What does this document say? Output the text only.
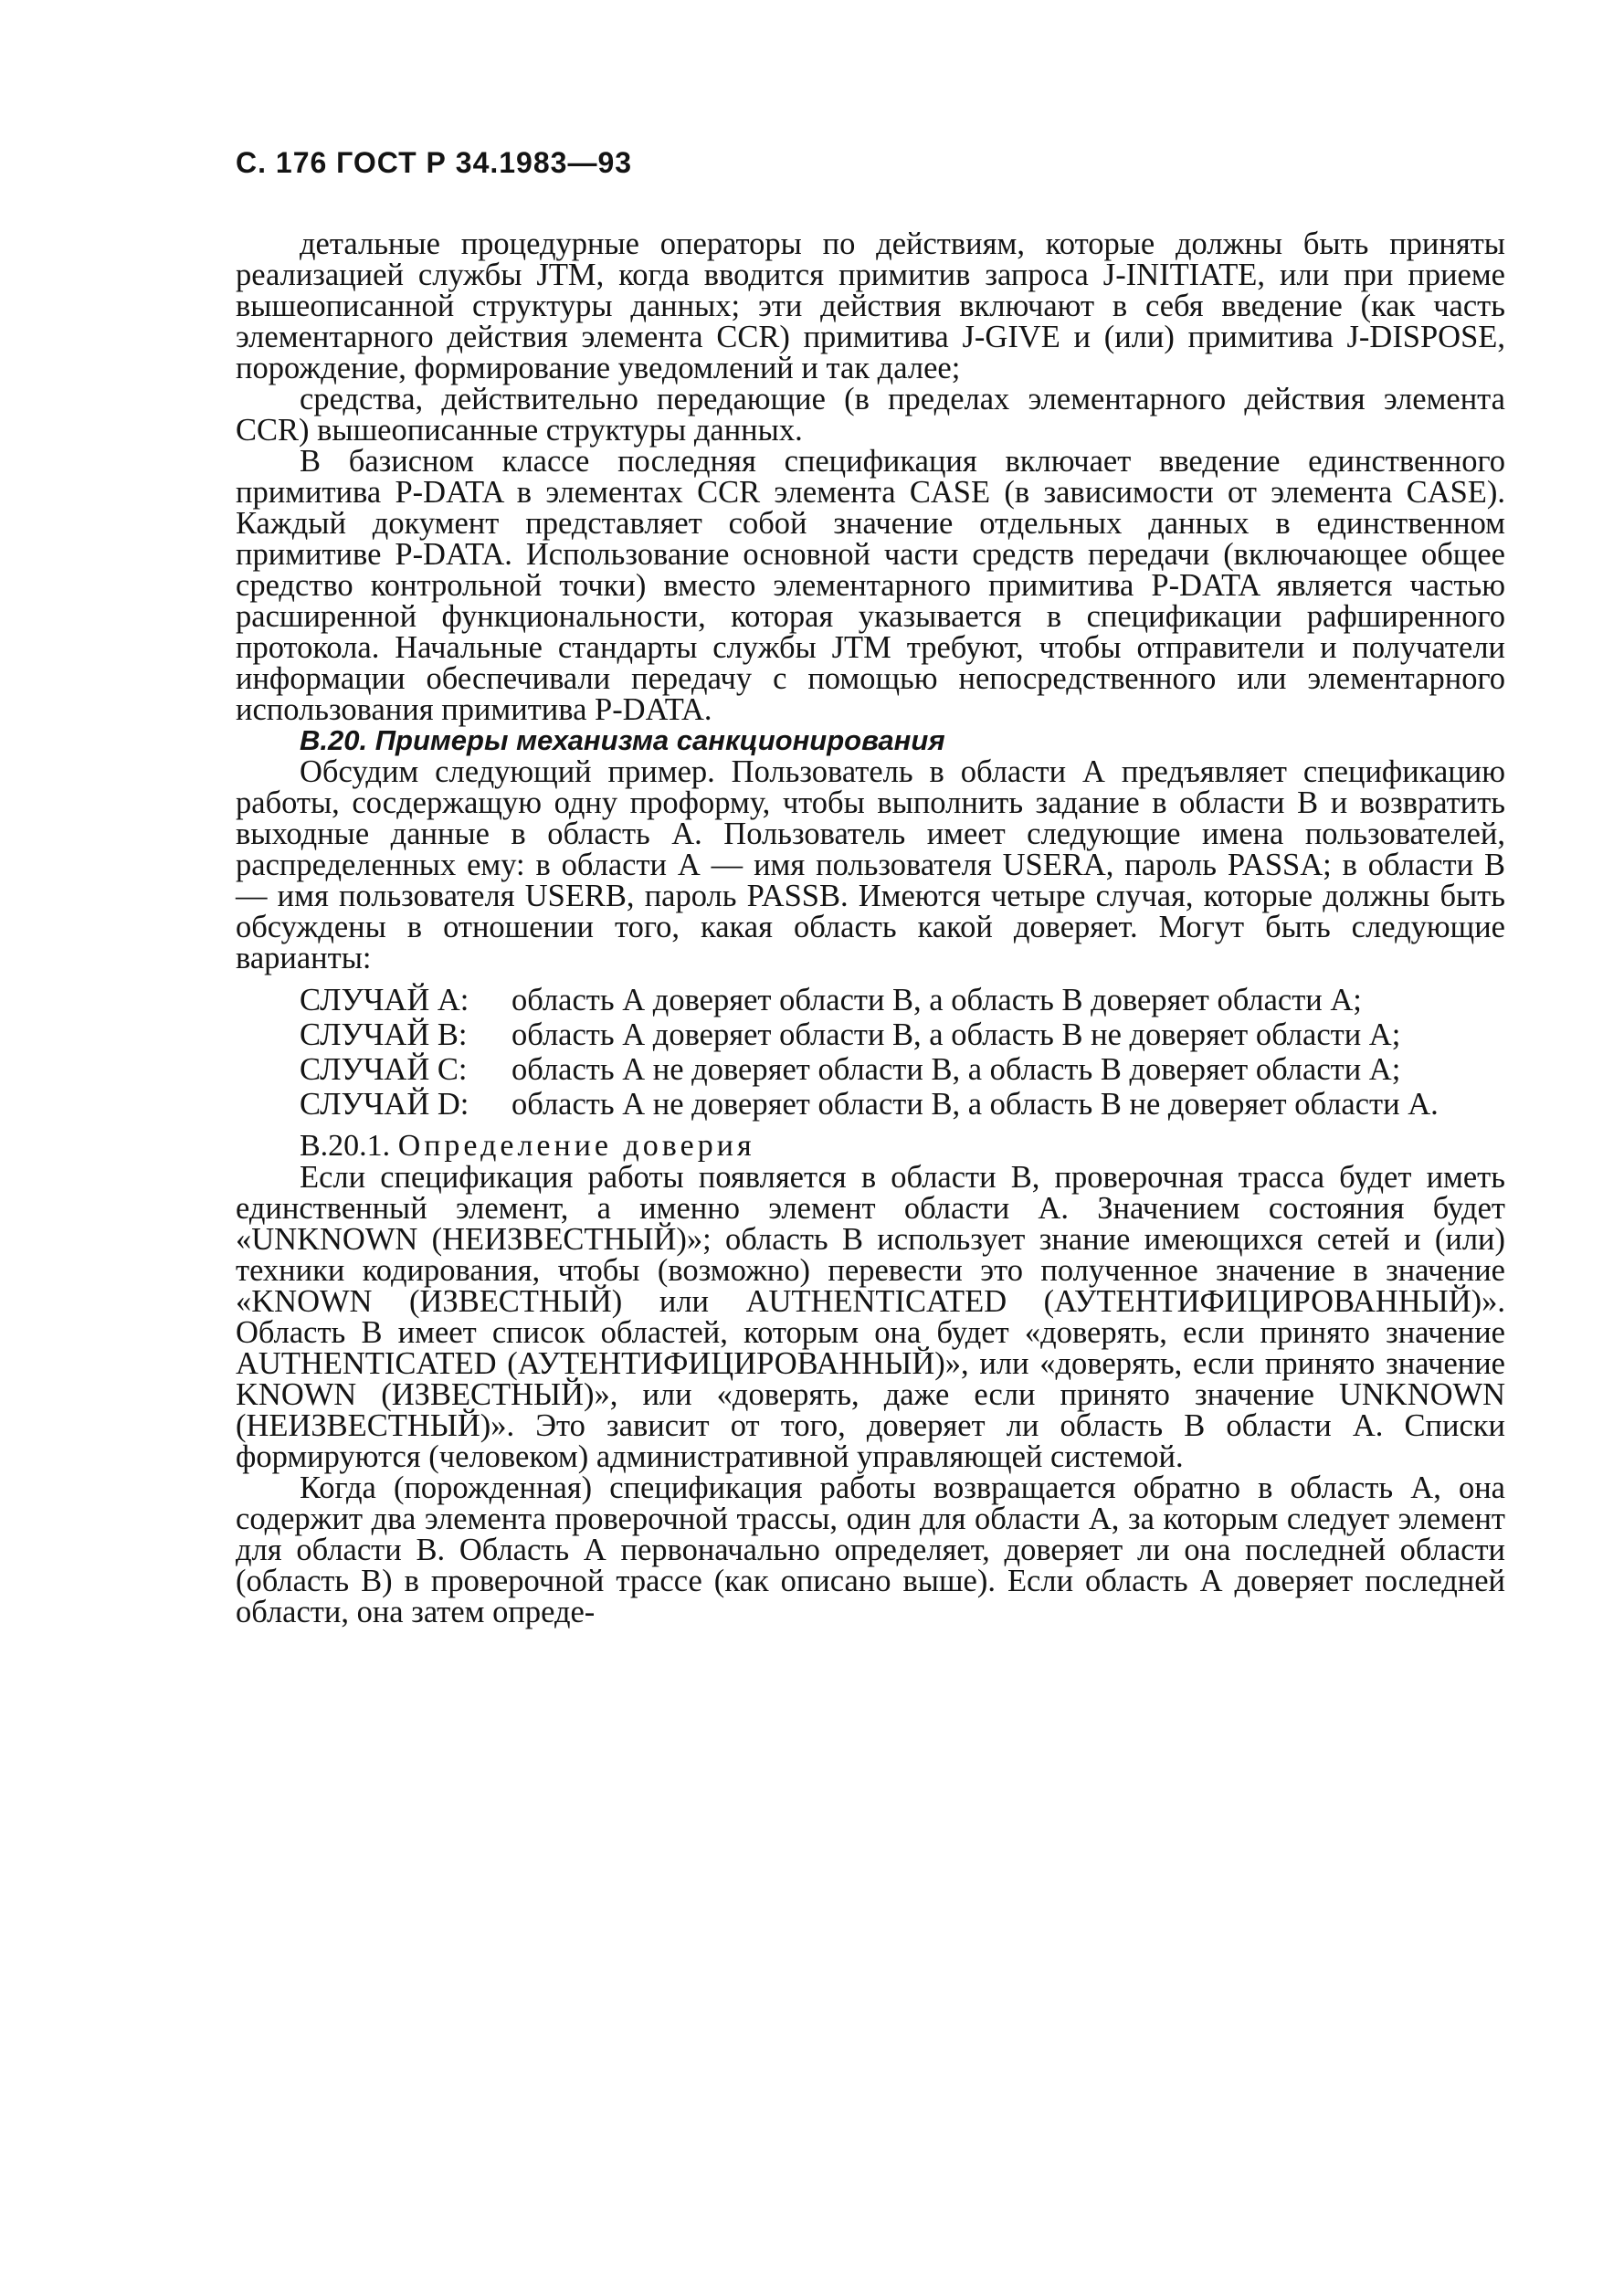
С. 176 ГОСТ Р 34.1983—93

детальные процедурные операторы по действиям, которые должны быть приняты реализацией службы JTM, когда вводится примитив запроса J-INITIATE, или при приеме вышеописанной структуры данных; эти действия включают в себя введение (как часть элементарного действия элемента CCR) примитива J-GIVE и (или) примитива J-DISPOSE, порождение, формирование уведомлений и так далее;

средства, действительно передающие (в пределах элементарного действия элемента CCR) вышеописанные структуры данных.

В базисном классе последняя спецификация включает введение единственного примитива P-DATA в элементах CCR элемента CASE (в зависимости от элемента CASE). Каждый документ представляет собой значение отдельных данных в единственном примитиве P-DATA. Использование основной части средств передачи (включающее общее средство контрольной точки) вместо элементарного примитива P-DATA является частью расширенной функциональности, которая указывается в спецификации рафширенного протокола. Начальные стандарты службы JTM требуют, чтобы отправители и получатели информации обеспечивали передачу с помощью непосредственного или элементарного использования примитива P-DATA.

В.20. Примеры механизма санкционирования

Обсудим следующий пример. Пользователь в области А предъявляет спецификацию работы, сосдержащую одну проформу, чтобы выполнить задание в области В и возвратить выходные данные в область А. Пользователь имеет следующие имена пользователей, распределенных ему: в области А — имя пользователя USERA, пароль PASSA; в области В — имя пользователя USERB, пароль PASSB. Имеются четыре случая, которые должны быть обсуждены в отношении того, какая область какой доверяет. Могут быть следующие варианты:

СЛУЧАЙ А:	область А доверяет области В, а область В доверяет области А;
СЛУЧАЙ В:	область А доверяет области В, а область В не доверяет области А;
СЛУЧАЙ С:	область А не доверяет области В, а область В доверяет области А;
СЛУЧАЙ D:	область А не доверяет области В, а область В не доверяет области А.

В.20.1. Определение доверия

Если спецификация работы появляется в области В, проверочная трасса будет иметь единственный элемент, а именно элемент области А. Значением состояния будет «UNKNOWN (НЕИЗВЕСТНЫЙ)»; область В использует знание имеющихся сетей и (или) техники кодирования, чтобы (возможно) перевести это полученное значение в значение «KNOWN (ИЗВЕСТНЫЙ) или AUTHENTICATED (АУТЕНТИФИЦИРОВАННЫЙ)». Область В имеет список областей, которым она будет «доверять, если принято значение AUTHENTICATED (АУТЕНТИФИЦИРОВАННЫЙ)», или «доверять, если принято значение KNOWN (ИЗВЕСТНЫЙ)», или «доверять, даже если принято значение UNKNOWN (НЕИЗВЕСТНЫЙ)». Это зависит от того, доверяет ли область В области А. Списки формируются (человеком) административной управляющей системой.

Когда (порожденная) спецификация работы возвращается обратно в область А, она содержит два элемента проверочной трассы, один для области А, за которым следует элемент для области В. Область А первоначально определяет, доверяет ли она последней области (область В) в проверочной трассе (как описано выше). Если область А доверяет последней области, она затем опреде-
